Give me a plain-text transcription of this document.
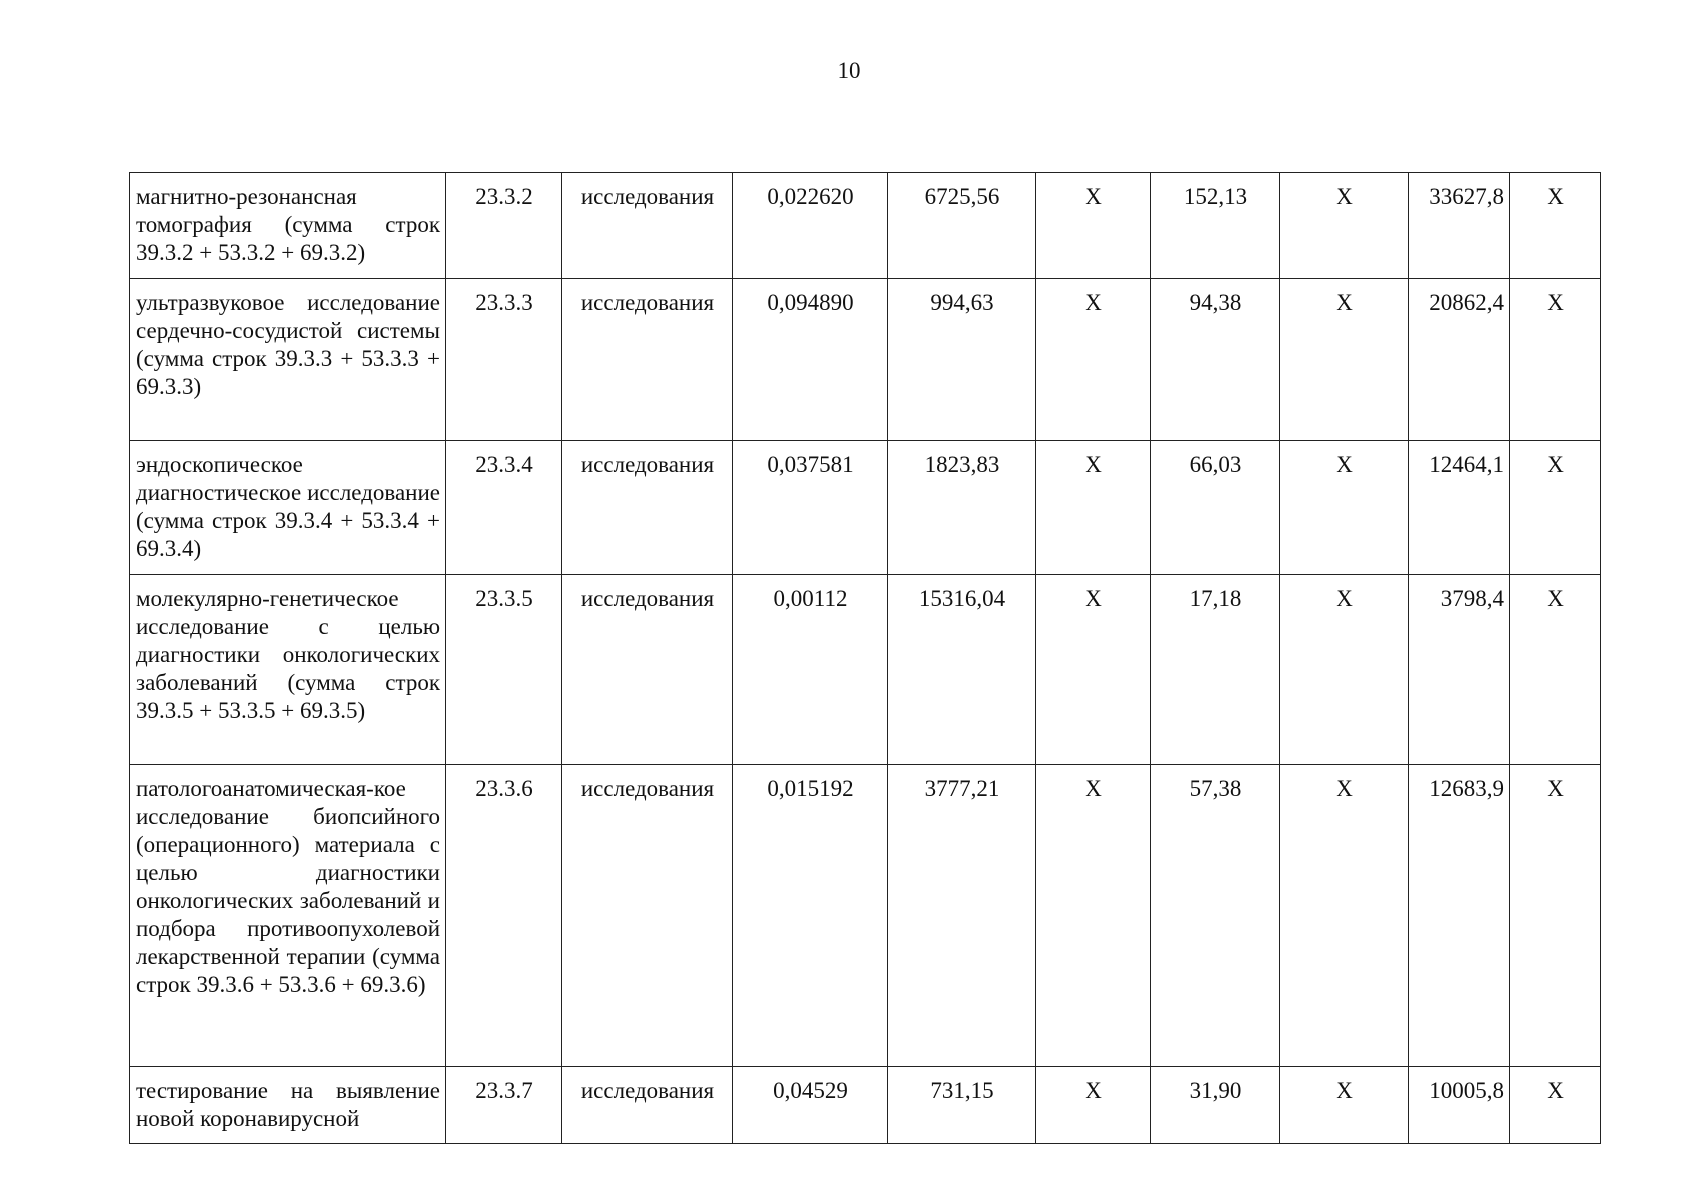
10
магнитно-резонансная томография (сумма строк 39.3.2 + 53.3.2 + 69.3.2)	23.3.2	исследования	0,022620	6725,56	X	152,13	X	33627,8	X
ультразвуковое исследование сердечно-сосудистой системы (сумма строк 39.3.3 + 53.3.3 + 69.3.3)	23.3.3	исследования	0,094890	994,63	X	94,38	X	20862,4	X
эндоскопическое диагностическое исследование (сумма строк 39.3.4 + 53.3.4 + 69.3.4)	23.3.4	исследования	0,037581	1823,83	X	66,03	X	12464,1	X
молекулярно-генетическое исследование с целью диагностики онкологических заболеваний (сумма строк 39.3.5 + 53.3.5 + 69.3.5)	23.3.5	исследования	0,00112	15316,04	X	17,18	X	3798,4	X
патологоанатомическая-кое исследование биопсийного (операционного) материала с целью диагностики онкологических заболеваний и подбора противоопухолевой лекарственной терапии (сумма строк 39.3.6 + 53.3.6 + 69.3.6)	23.3.6	исследования	0,015192	3777,21	X	57,38	X	12683,9	X
тестирование на выявление новой коронавирусной	23.3.7	исследования	0,04529	731,15	X	31,90	X	10005,8	X
